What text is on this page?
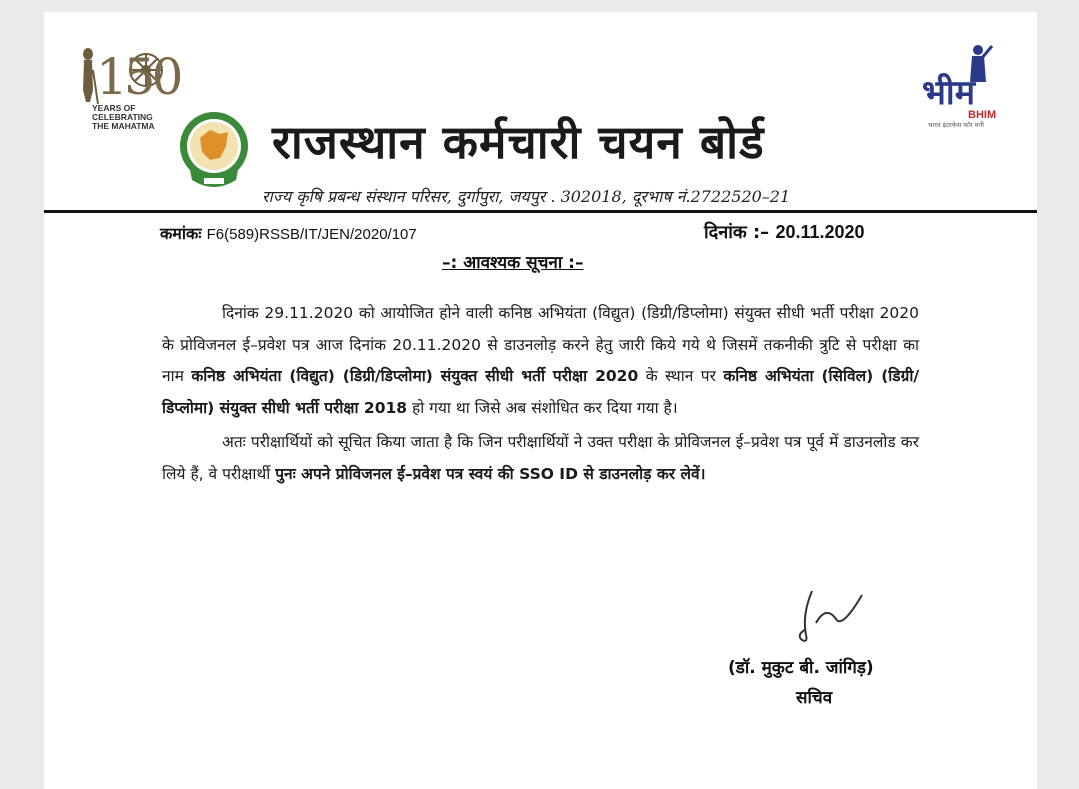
150
YEARS OF
CELEBRATING
THE MAHATMA
भीम
BHIM
भारत इंटरफेस फॉर मनी
राजस्थान कर्मचारी चयन बोर्ड
राज्य कृषि प्रबन्ध संस्थान परिसर, दुर्गापुरा, जयपुर . 302018, दूरभाष नं.2722520–21
कमांकः F6(589)RSSB/IT/JEN/2020/107	दिनांक :– 20.11.2020
–: आवश्यक सूचना :–

दिनांक 29.11.2020 को आयोजित होने वाली कनिष्ठ अभियंता (विद्युत) (डिग्री/डिप्लोमा) संयुक्त सीधी भर्ती परीक्षा 2020 के प्रोविजनल ई–प्रवेश पत्र आज दिनांक 20.11.2020 से डाउनलोड़ करने हेतु जारी किये गये थे जिसमें तकनीकी त्रुटि से परीक्षा का नाम कनिष्ठ अभियंता (विद्युत) (डिग्री/डिप्लोमा) संयुक्त सीधी भर्ती परीक्षा 2020 के स्थान पर कनिष्ठ अभियंता (सिविल) (डिग्री/डिप्लोमा) संयुक्त सीधी भर्ती परीक्षा 2018 हो गया था जिसे अब संशोधित कर दिया गया है।

अतः परीक्षार्थियों को सूचित किया जाता है कि जिन परीक्षार्थियों ने उक्त परीक्षा के प्रोविजनल ई–प्रवेश पत्र पूर्व में डाउनलोड कर लिये हैं, वे परीक्षार्थी पुनः अपने प्रोविजनल ई–प्रवेश पत्र स्वयं की SSO ID से डाउनलोड़ कर लेवें।

(डॉ. मुकुट बी. जांगिड़)
सचिव
